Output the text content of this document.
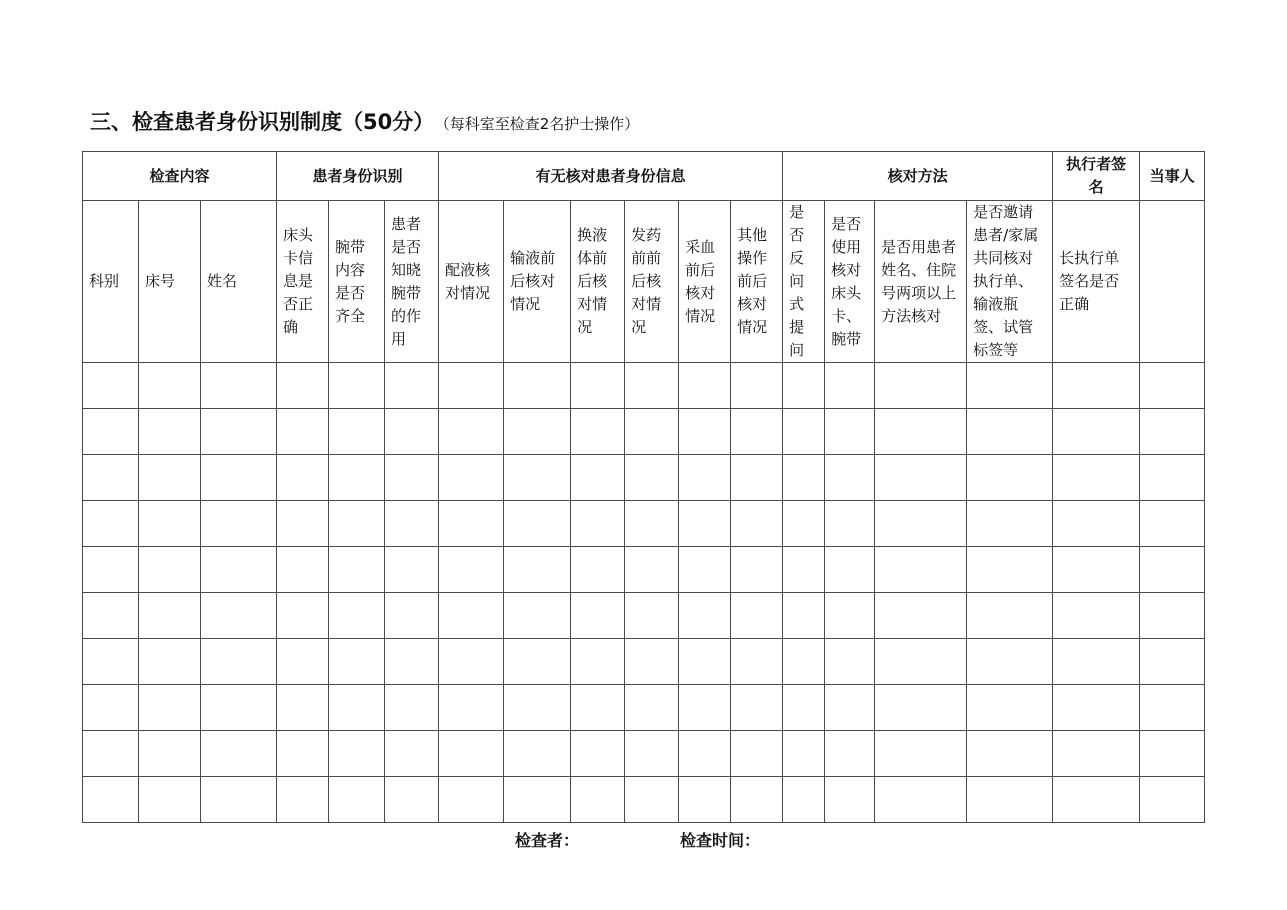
三、检查患者身份识别制度（50分） （每科室至检查2名护士操作）
检查内容			患者身份识别			有无核对患者身份信息						核对方法				执行者签名	当事人
科别	床号	姓名	床头卡信息是否正确	腕带内容是否齐全	患者是否知晓腕带的作用	配液核对情况	输液前后核对情况	换液体前后核对情况	发药前前后核对情况	采血前后核对情况	其他操作前后核对情况	是否反问式提问	是否使用核对床头卡、腕带	是否用患者姓名、住院号两项以上方法核对	是否邀请患者/家属共同核对执行单、输液瓶签、试管标签等	长执行单签名是否正确	

检查者：	检查时间：
